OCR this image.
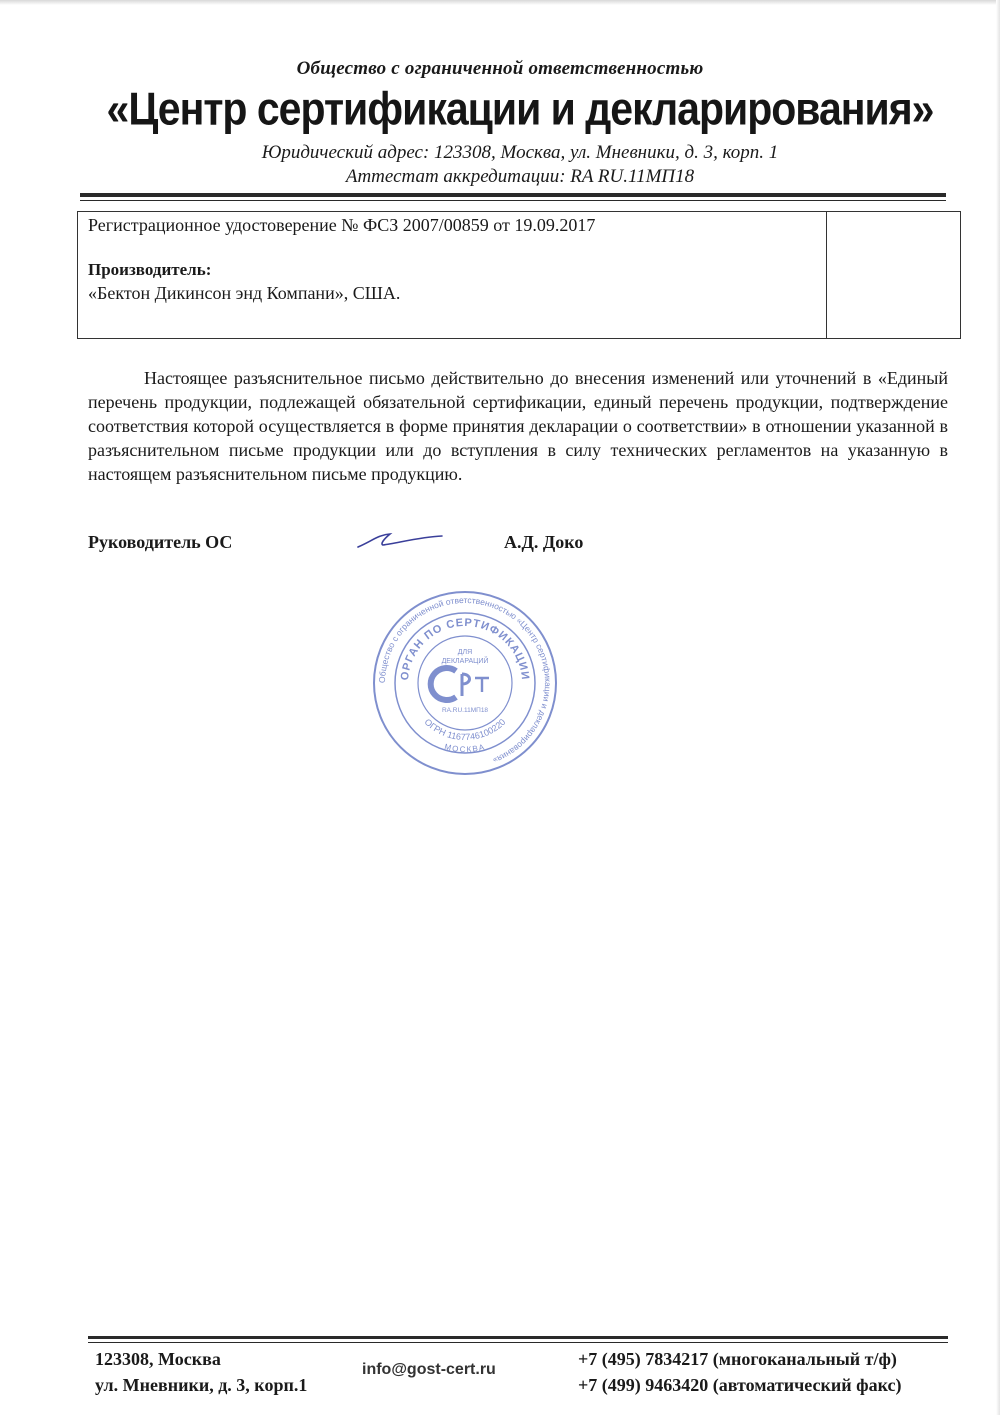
Общество с ограниченной ответственностью
«Центр сертификации и декларирования»
Юридический адрес: 123308, Москва, ул. Мневники, д. 3, корп. 1
Аттестат аккредитации: RA RU.11МП18
Регистрационное удостоверение № ФСЗ 2007/00859 от 19.09.2017
Производитель:
«Бектон Дикинсон энд Компани», США.
Настоящее разъяснительное письмо действительно до внесения изменений или уточнений в «Единый перечень продукции, подлежащей обязательной сертификации, единый перечень продукции, подтверждение соответствия которой осуществляется в форме принятия декларации о соответствии» в отношении указанной в разъяснительном письме продукции или до вступления в силу технических регламентов на указанную в настоящем разъяснительном письме продукцию.
Руководитель ОС	А.Д. Доко
Общество с ограниченной ответственностью «Центр сертификации и декларирования»
ОРГАН ПО СЕРТИФИКАЦИИ
ДЛЯ
ДЕКЛАРАЦИЙ
RA.RU.11МП18
ОГРН 1167746100220
МОСКВА
123308, Москва
ул. Мневники, д. 3, корп.1
info@gost-cert.ru
+7 (495) 7834217 (многоканальный т/ф)
+7 (499) 9463420 (автоматический факс)
